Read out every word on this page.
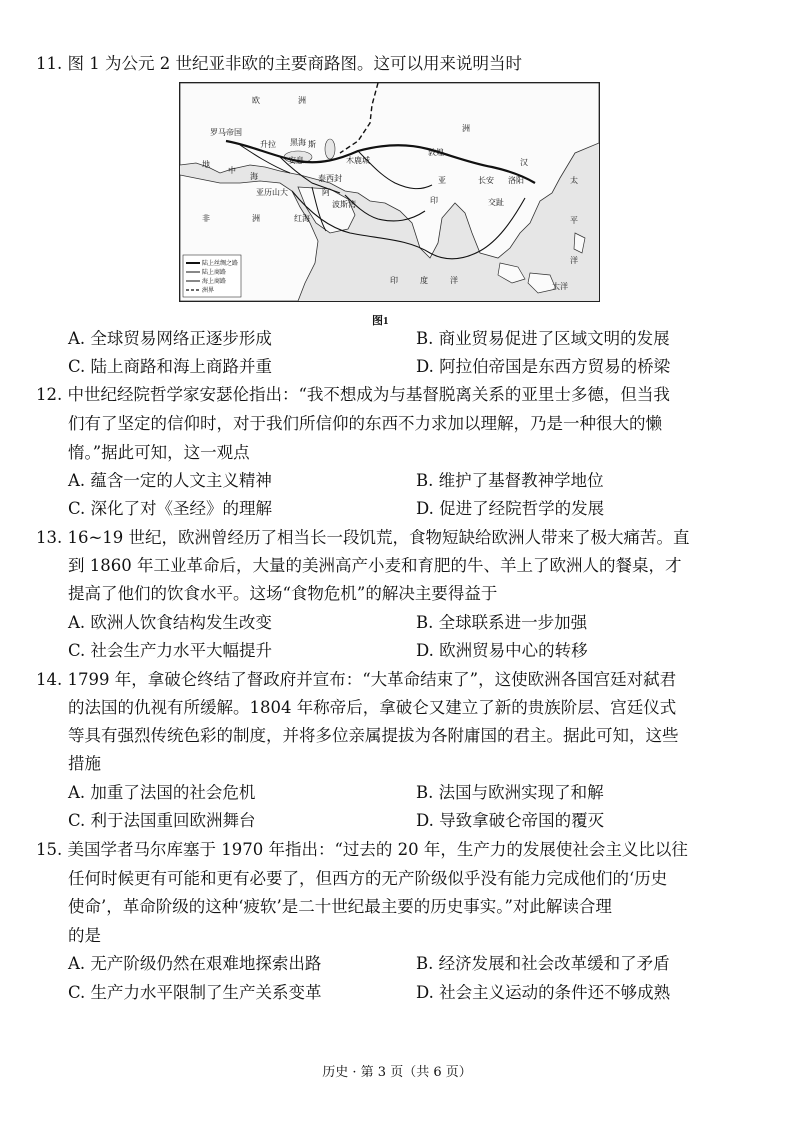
11. 图 1 为公元 2 世纪亚非欧的主要商路图。这可以用来说明当时
欧	洲
罗马帝国
地
中
海
非	洲	红海
安息
亚
洲
木鹿城
敦煌
长安 洛阳
交趾
波斯湾
印	度	洋
太
平
洋
大洋
汉
黑海
亚历山大
泰西封
印
升拉	斯
阿
陆上丝绸之路
陆上商路
海上商路
洲界
图1
A. 全球贸易网络正逐步形成	B. 商业贸易促进了区域文明的发展
C. 陆上商路和海上商路并重	D. 阿拉伯帝国是东西方贸易的桥梁
12. 中世纪经院哲学家安瑟伦指出：“我不想成为与基督脱离关系的亚里士多德，但当我
们有了坚定的信仰时，对于我们所信仰的东西不力求加以理解，乃是一种很大的懒
惰。”据此可知，这一观点
A. 蕴含一定的人文主义精神	B. 维护了基督教神学地位
C. 深化了对《圣经》的理解	D. 促进了经院哲学的发展
13. 16~19 世纪，欧洲曾经历了相当长一段饥荒，食物短缺给欧洲人带来了极大痛苦。直
到 1860 年工业革命后，大量的美洲高产小麦和育肥的牛、羊上了欧洲人的餐桌，才
提高了他们的饮食水平。这场“食物危机”的解决主要得益于
A. 欧洲人饮食结构发生改变	B. 全球联系进一步加强
C. 社会生产力水平大幅提升	D. 欧洲贸易中心的转移
14. 1799 年，拿破仑终结了督政府并宣布：“大革命结束了”，这使欧洲各国宫廷对弑君
的法国的仇视有所缓解。1804 年称帝后，拿破仑又建立了新的贵族阶层、宫廷仪式
等具有强烈传统色彩的制度，并将多位亲属提拔为各附庸国的君主。据此可知，这些
措施
A. 加重了法国的社会危机	B. 法国与欧洲实现了和解
C. 利于法国重回欧洲舞台	D. 导致拿破仑帝国的覆灭
15. 美国学者马尔库塞于 1970 年指出：“过去的 20 年，生产力的发展使社会主义比以往
任何时候更有可能和更有必要了，但西方的无产阶级似乎没有能力完成他们的‘历史
使命’，革命阶级的这种‘疲软’是二十世纪最主要的历史事实。”对此解读合理
的是
A. 无产阶级仍然在艰难地探索出路	B. 经济发展和社会改革缓和了矛盾
C. 生产力水平限制了生产关系变革	D. 社会主义运动的条件还不够成熟
历史 · 第 3 页（共 6 页）
